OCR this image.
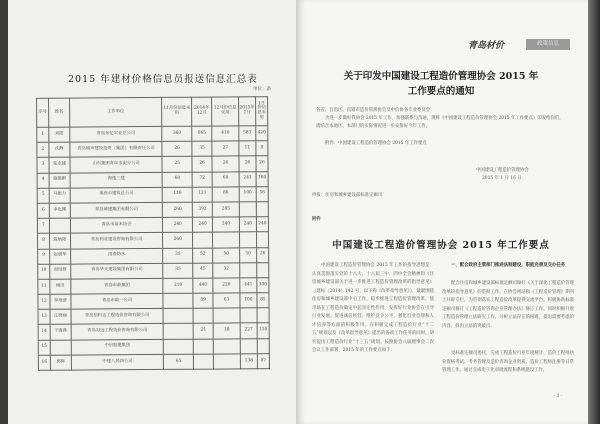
2015 年建材价格信息员报送信息汇总表
单位：条
序号	姓名	工作单位	11月份信息采用	2014年12月	12月份信息采用	2015年1月	1月份信息采用
1	刘阳	青岛东亿实业总公司	360	865	410	583	420
2	沈静	青岛城市建设投资（集团）有限责任公司	26	35	27	11	8
3	栾永建	山东集团青岛水泥分公司	25	26	26	26	26
4	施建刚	海逸三建	60	72	60	241	160
5	马振力	莱西市建筑总公司	116	121	86	100	56
6	李化刚	青岛城建集团有限公司	260	392	285		
7		青岛市苗木协会	240	240	240	240	240
8	陈炳阳	青岛利业建设咨询有限公司	260				
9	赵晓华	雨泰防水	35	52	50	50	26
10	周绍群	青岛华天建设集团有限公司	35	45	32		
11	杨田	青岛市政集团	210	440	220	441	300
12	李培清	青岛市政一公司		89	63	100	85
13	汪晓丽	青岛信科达工程造价咨询有限公司					
14	于海燕	青岛习远工程造价咨询有限公司		21	18	227	150
15		中启胶建集团					
16	郭晖	中建八局四公司	65			138	87
青岛材价	政策信息
关于印发中国建设工程造价管理协会 2015 年
工作要点的通知
各省、自治区、直辖市造价管理协会及中价协各专业委员会：
为进一步做好我协会 2015 年工作，加强联系与沟通，现将《中国建设工程造价管理协会 2015 年工作要点》印发给你们，请结合本地区、本部门的实际情况进一步安排好今年工作。
附件：中国建设工程造价管理协会 2015 年工作要点
中国建设工程造价管理协会
2015 年 1 月 16 日
抄报：住房和城乡建设部标准定额司
附件
中国建设工程造价管理协会 2015 年工作要点
中国建设工程造价管理协会 2015 年工作的指导思想是：认真贯彻落实党的十八大、十八届三中、四中全会精神和《住房城乡建设部关于进一步推进工程造价管理改革的指导意见》（建标〔2014〕142 号，以下称《改革指导意见》），紧紧围绕住房和城乡建设部中心工作，稳步推进工程造价管理改革，使市场在工程造价确定中起决定性作用，发挥好行业协会在引导行业发展、促进诚信经营、维护竞争公平、强化行业自律和人才培养等方面的积极作用。在积极完成工程造价行业“十二五”规划以及《改革指导意见》提出的各项工作任务的同时，研究提出工程造价行业“十三五”规划。按照协会八届理事会二次会议工作部署，2015 年的工作要点如下：
一、配合政府主管部门推进法制建设，职能完善及交办任务
配合住房和城乡建设部标准定额司做好《关于深化工程造价管理改革的指导意见》的贯彻工作，在协会网站和《工程造价管理》期刊上开辟专栏，为贯彻落实工程造价改革提供交流平台。积极协助标准定额司修订《工程造价咨询企业管理办法》修订工作。同时积极开展工程造价管理立法研究工作，分析立法存在的困难，提出需要考虑的内容，找出立法的突破点。
受标准定额司委托，完成工程造价行业年度统计、造价工程师执业资格考试、考务管理及造价咨询企业资质、造价工程师注册等日常管理工作。通过完成电子化审批流程和系统建设工作，
· 1 ·
